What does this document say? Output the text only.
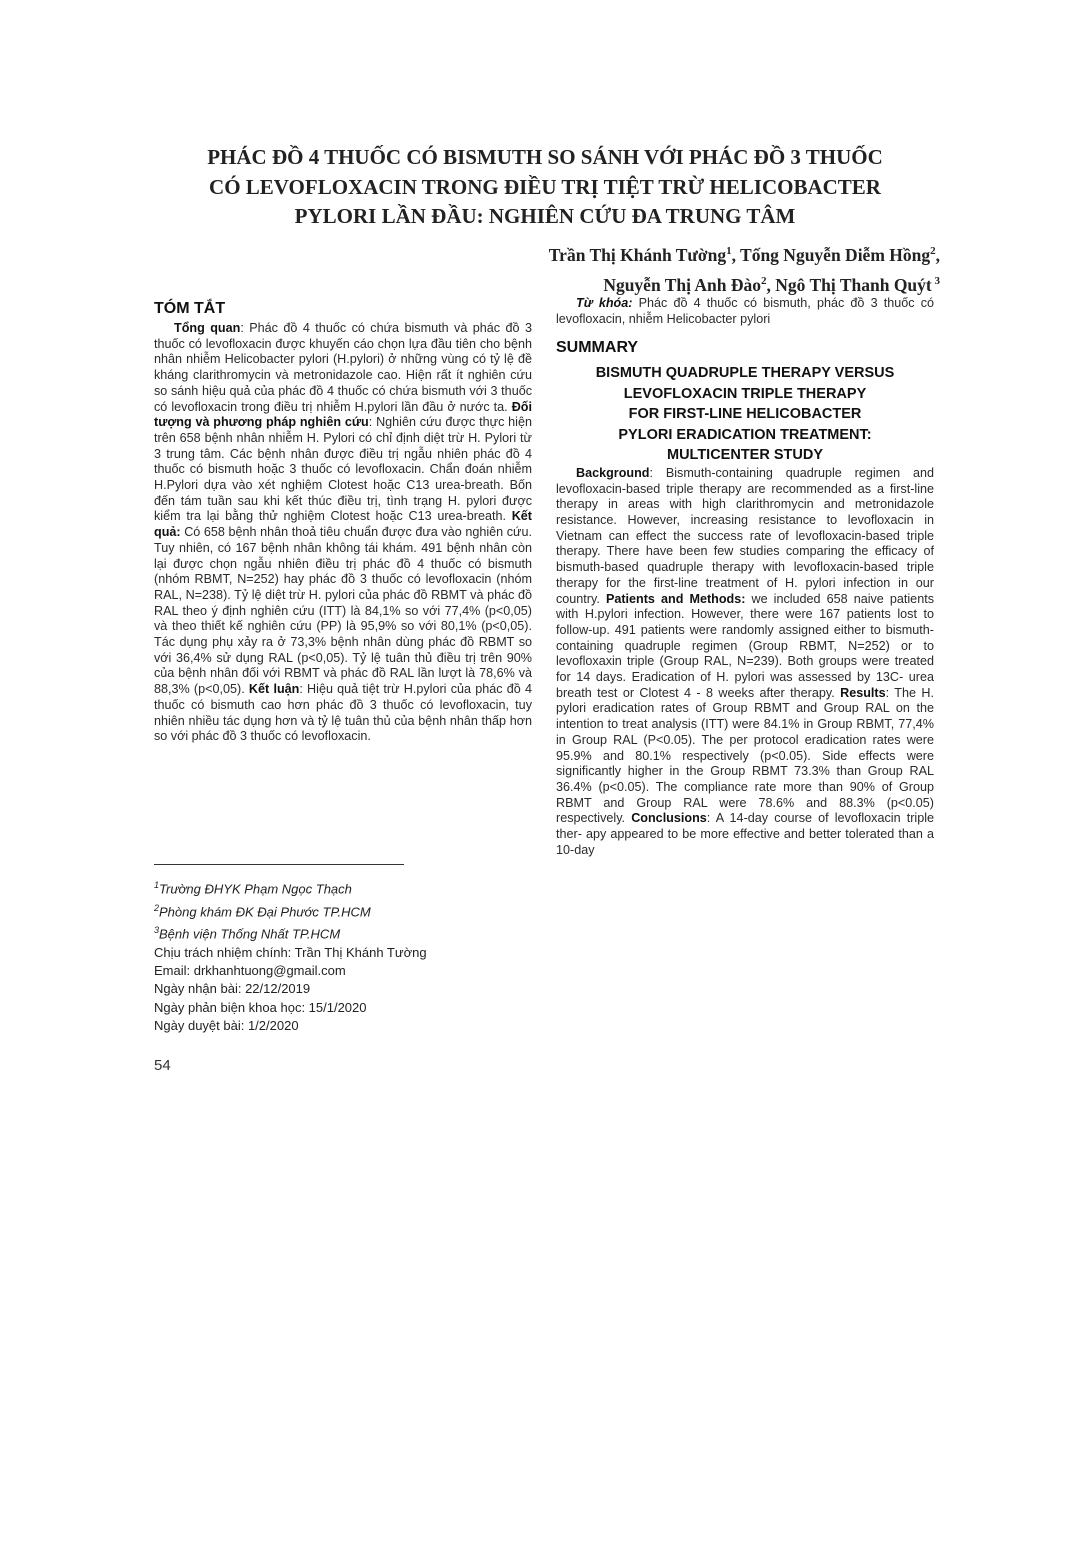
PHÁC ĐỒ 4 THUỐC CÓ BISMUTH SO SÁNH VỚI PHÁC ĐỒ 3 THUỐC
CÓ LEVOFLOXACIN TRONG ĐIỀU TRỊ TIỆT TRỪ HELICOBACTER
PYLORI LẦN ĐẦU: NGHIÊN CỨU ĐA TRUNG TÂM
Trần Thị Khánh Tường$^1$, Tống Nguyễn Diễm Hồng$^2$,
Nguyễn Thị Anh Đào$^2$, Ngô Thị Thanh Quýt $^3$
TÓM TẮT

Tổng quan: Phác đồ 4 thuốc có chứa bismuth và phác đồ 3 thuốc có levofloxacin được khuyến cáo chọn lựa đầu tiên cho bệnh nhân nhiễm Helicobacter pylori (H.pylori) ở những vùng có tỷ lệ đề kháng clarithromycin và metronidazole cao. Hiện rất ít nghiên cứu so sánh hiệu quả của phác đồ 4 thuốc có chứa bismuth với 3 thuốc có levofloxacin trong điều trị nhiễm H.pylori lần đầu ở nước ta. Đối tượng và phương pháp nghiên cứu: Nghiên cứu được thực hiện trên 658 bệnh nhân nhiễm H. Pylori có chỉ định diệt trừ H. Pylori từ 3 trung tâm. Các bệnh nhân được điều trị ngẫu nhiên phác đồ 4 thuốc có bismuth hoặc 3 thuốc có levofloxacin. Chẩn đoán nhiễm H.Pylori dựa vào xét nghiệm Clotest hoặc C13 urea-breath. Bốn đến tám tuần sau khi kết thúc điều trị, tình trạng H. pylori được kiểm tra lại bằng thử nghiệm Clotest hoặc C13 urea-breath. Kết quả: Có 658 bệnh nhân thoả tiêu chuẩn được đưa vào nghiên cứu. Tuy nhiên, có 167 bệnh nhân không tái khám. 491 bệnh nhân còn lại được chọn ngẫu nhiên điều trị phác đồ 4 thuốc có bismuth (nhóm RBMT, N=252) hay phác đồ 3 thuốc có levofloxacin (nhóm RAL, N=238). Tỷ lệ diệt trừ H. pylori của phác đồ RBMT và phác đồ RAL theo ý định nghiên cứu (ITT) là 84,1% so với 77,4% (p<0,05) và theo thiết kế nghiên cứu (PP) là 95,9% so với 80,1% (p<0,05). Tác dụng phụ xảy ra ở 73,3% bệnh nhân dùng phác đồ RBMT so với 36,4% sử dụng RAL (p<0,05). Tỷ lệ tuân thủ điều trị trên 90% của bệnh nhân đối với RBMT và phác đồ RAL lần lượt là 78,6% và 88,3% (p<0,05). Kết luận: Hiệu quả tiệt trừ H.pylori của phác đồ 4 thuốc có bismuth cao hơn phác đồ 3 thuốc có levofloxacin, tuy nhiên nhiều tác dụng hơn và tỷ lệ tuân thủ của bệnh nhân thấp hơn so với phác đồ 3 thuốc có levofloxacin.

$^1$Trường ĐHYK Phạm Ngọc Thạch
$^2$Phòng khám ĐK Đại Phước TP.HCM
$^3$Bệnh viện Thống Nhất TP.HCM
Chịu trách nhiệm chính: Trần Thị Khánh Tường
Email: drkhanhtuong@gmail.com
Ngày nhận bài: 22/12/2019
Ngày phản biện khoa học: 15/1/2020
Ngày duyệt bài: 1/2/2020
54

Từ khóa: Phác đồ 4 thuốc có bismuth, phác đồ 3 thuốc có levofloxacin, nhiễm Helicobacter pylori

SUMMARY
BISMUTH QUADRUPLE THERAPY VERSUS
LEVOFLOXACIN TRIPLE THERAPY
FOR FIRST-LINE HELICOBACTER
PYLORI ERADICATION TREATMENT:
MULTICENTER STUDY

Background: Bismuth-containing quadruple regimen and levofloxacin-based triple therapy are recommended as a first-line therapy in areas with high clarithromycin and metronidazole resistance. However, increasing resistance to levofloxacin in Vietnam can effect the success rate of levofloxacin-based triple therapy. There have been few studies comparing the efficacy of bismuth-based quadruple therapy with levofloxacin-based triple therapy for the first-line treatment of H. pylori infection in our country. Patients and Methods: we included 658 naive patients with H.pylori infection. However, there were 167 patients lost to follow-up. 491 patients were randomly assigned either to bismuth-containing quadruple regimen (Group RBMT, N=252) or to levofloxaxin triple (Group RAL, N=239). Both groups were treated for 14 days. Eradication of H. pylori was assessed by 13C- urea breath test or Clotest 4 - 8 weeks after therapy. Results: The H. pylori eradication rates of Group RBMT and Group RAL on the intention to treat analysis (ITT) were 84.1% in Group RBMT, 77,4% in Group RAL (P<0.05). The per protocol eradication rates were 95.9% and 80.1% respectively (p<0.05). Side effects were significantly higher in the Group RBMT 73.3% than Group RAL 36.4% (p<0.05). The compliance rate more than 90% of Group RBMT and Group RAL were 78.6% and 88.3% (p<0.05) respectively. Conclusions: A 14-day course of levofloxacin triple ther- apy appeared to be more effective and better tolerated than a 10-day
